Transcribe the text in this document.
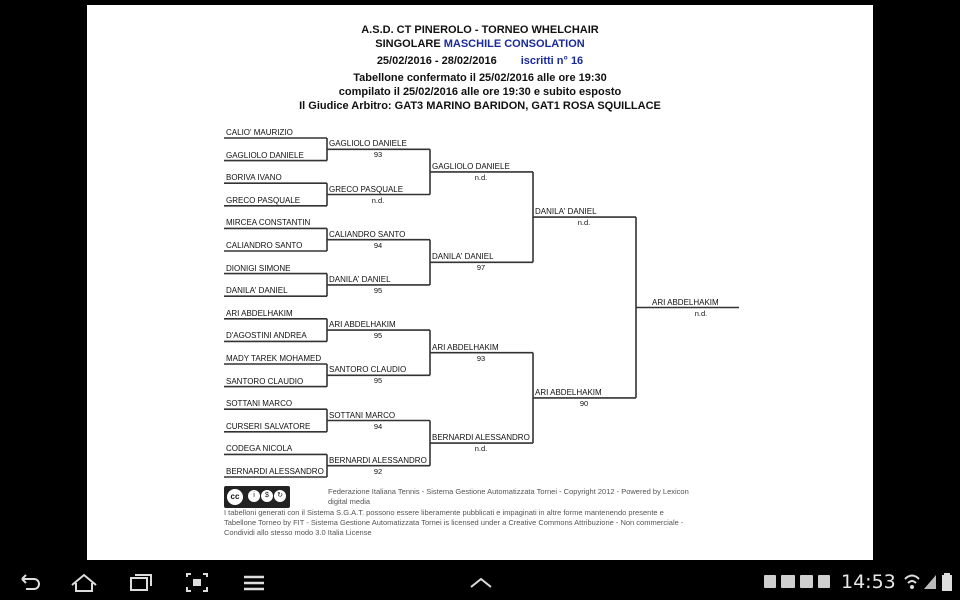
A.S.D. CT PINEROLO - TORNEO WHELCHAIR
SINGOLARE MASCHILE CONSOLATION
25/02/2016 - 28/02/2016 iscritti n° 16
Tabellone confermato il 25/02/2016 alle ore 19:30
compilato il 25/02/2016 alle ore 19:30 e subito esposto
Il Giudice Arbitro: GAT3 MARINO BARIDON, GAT1 ROSA SQUILLACE
CALIO' MAURIZIO
GAGLIOLO DANIELE
BORIVA IVANO
GRECO PASQUALE
MIRCEA CONSTANTIN
CALIANDRO SANTO
DIONIGI SIMONE
DANILA' DANIEL
ARI ABDELHAKIM
D'AGOSTINI ANDREA
MADY TAREK MOHAMED
SANTORO CLAUDIO
SOTTANI MARCO
CURSERI SALVATORE
CODEGA NICOLA
BERNARDI ALESSANDRO
GAGLIOLO DANIELE
93
GRECO PASQUALE
n.d.
CALIANDRO SANTO
94
DANILA' DANIEL
95
ARI ABDELHAKIM
95
SANTORO CLAUDIO
95
SOTTANI MARCO
94
BERNARDI ALESSANDRO
92
GAGLIOLO DANIELE
n.d.
DANILA' DANIEL
97
ARI ABDELHAKIM
93
BERNARDI ALESSANDRO
n.d.
DANILA' DANIEL
n.d.
ARI ABDELHAKIM
90
ARI ABDELHAKIM
n.d.
cc	i	$	↻	Federazione Italiana Tennis - Sistema Gestione Automatizzata Tornei - Copyright 2012 - Powered by Lexicon
digital media
I tabelloni generati con il Sistema S.G.A.T. possono essere liberamente pubblicati e impaginati in altre forme mantenendo presente e
Tabellone Torneo by FIT - Sistema Gestione Automatizzata Tornei is licensed under a Creative Commons Attribuzione - Non commerciale -
Condividi allo stesso modo 3.0 Italia License
14:53
